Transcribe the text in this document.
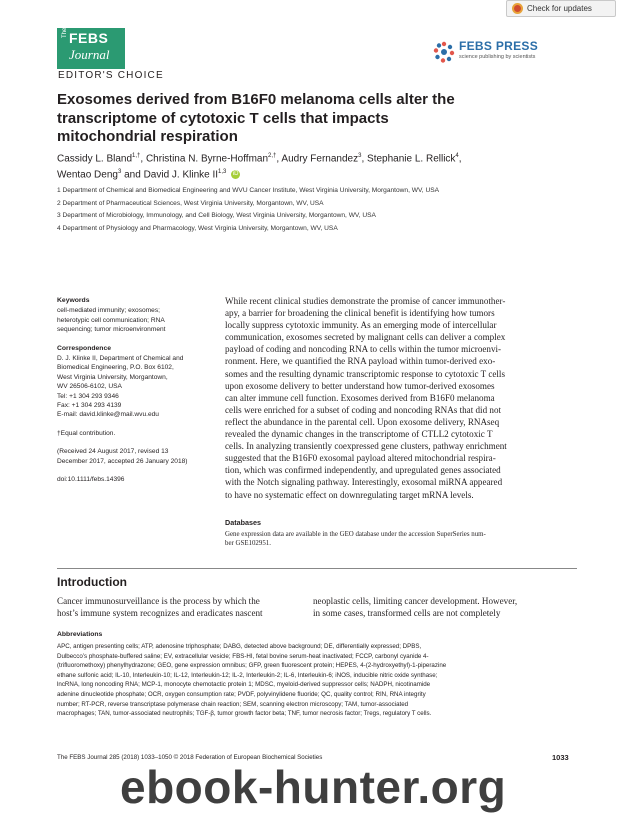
Check for updates
The FEBS
Journal
EDITOR'S CHOICE
FEBS PRESS
science publishing by scientists
Exosomes derived from B16F0 melanoma cells alter the
transcriptome of cytotoxic T cells that impacts
mitochondrial respiration
Cassidy L. Bland$^{1,\dagger}$, Christina N. Byrne-Hoffman$^{2,\dagger}$, Audry Fernandez$^3$, Stephanie L. Rellick$^4$,
Wentao Deng$^3$ and David J. Klinke II$^{1,3}$ iD
1 Department of Chemical and Biomedical Engineering and WVU Cancer Institute, West Virginia University, Morgantown, WV, USA
2 Department of Pharmaceutical Sciences, West Virginia University, Morgantown, WV, USA
3 Department of Microbiology, Immunology, and Cell Biology, West Virginia University, Morgantown, WV, USA
4 Department of Physiology and Pharmacology, West Virginia University, Morgantown, WV, USA
Keywords
cell-mediated immunity; exosomes;
heterotypic cell communication; RNA
sequencing; tumor microenvironment
Correspondence
D. J. Klinke II, Department of Chemical and
Biomedical Engineering, P.O. Box 6102,
West Virginia University, Morgantown,
WV 26506-6102, USA
Tel: +1 304 293 9346
Fax: +1 304 293 4139
E-mail: david.klinke@mail.wvu.edu
†Equal contribution.
(Received 24 August 2017, revised 13
December 2017, accepted 26 January 2018)
doi:10.1111/febs.14396
While recent clinical studies demonstrate the promise of cancer immunother-
apy, a barrier for broadening the clinical benefit is identifying how tumors
locally suppress cytotoxic immunity. As an emerging mode of intercellular
communication, exosomes secreted by malignant cells can deliver a complex
payload of coding and noncoding RNA to cells within the tumor microenvi-
ronment. Here, we quantified the RNA payload within tumor-derived exo-
somes and the resulting dynamic transcriptomic response to cytotoxic T cells
upon exosome delivery to better understand how tumor-derived exosomes
can alter immune cell function. Exosomes derived from B16F0 melanoma
cells were enriched for a subset of coding and noncoding RNAs that did not
reflect the abundance in the parental cell. Upon exosome delivery, RNAseq
revealed the dynamic changes in the transcriptome of CTLL2 cytotoxic T
cells. In analyzing transiently coexpressed gene clusters, pathway enrichment
suggested that the B16F0 exosomal payload altered mitochondrial respira-
tion, which was confirmed independently, and upregulated genes associated
with the Notch signaling pathway. Interestingly, exosomal miRNA appeared
to have no systematic effect on downregulating target mRNA levels.
Databases
Gene expression data are available in the GEO database under the accession SuperSeries num-
ber GSE102951.
Introduction
Cancer immunosurveillance is the process by which the
host’s immune system recognizes and eradicates nascent
neoplastic cells, limiting cancer development. However,
in some cases, transformed cells are not completely
Abbreviations
APC, antigen presenting cells; ATP, adenosine triphosphate; DABG, detected above background; DE, differentially expressed; DPBS,
Dulbecco’s phosphate-buffered saline; EV, extracellular vesicle; FBS-HI, fetal bovine serum-heat inactivated; FCCP, carbonyl cyanide 4-
(trifluoromethoxy) phenylhydrazone; GEO, gene expression omnibus; GFP, green fluorescent protein; HEPES, 4-(2-hydroxyethyl)-1-piperazine
ethane sulfonic acid; IL-10, Interleukin-10; IL-12, Interleukin-12; IL-2, Interleukin-2; IL-6, Interleukin-6; iNOS, inducible nitric oxide synthase;
lncRNA, long noncoding RNA; MCP-1, monocyte chemotactic protein 1; MDSC, myeloid-derived suppressor cells; NADPH, nicotinamide
adenine dinucleotide phosphate; OCR, oxygen consumption rate; PVDF, polyvinylidene fluoride; QC, quality control; RIN, RNA integrity
number; RT-PCR, reverse transcriptase polymerase chain reaction; SEM, scanning electron microscopy; TAM, tumor-associated
macrophages; TAN, tumor-associated neutrophils; TGF-β, tumor growth factor beta; TNF, tumor necrosis factor; Tregs, regulatory T cells.
The FEBS Journal 285 (2018) 1033–1050 © 2018 Federation of European Biochemical Societies	1033
ebook-hunter.org
